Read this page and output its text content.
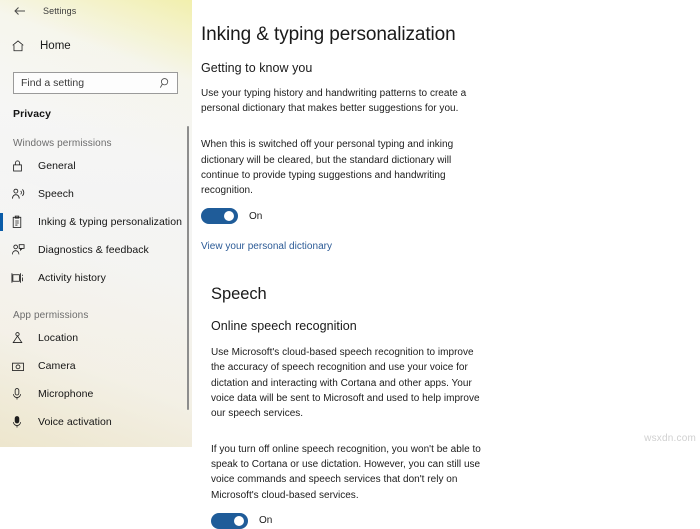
Settings
Home
Find a setting
Privacy
Windows permissions
General
Speech
Inking & typing personalization
Diagnostics & feedback
Activity history
App permissions
Location
Camera
Microphone
Voice activation
Inking & typing personalization
Getting to know you
Use your typing history and handwriting patterns to create a personal dictionary that makes better suggestions for you.
When this is switched off your personal typing and inking dictionary will be cleared, but the standard dictionary will continue to provide typing suggestions and handwriting recognition.
On
View your personal dictionary
Speech
Online speech recognition
Use Microsoft's cloud-based speech recognition to improve the accuracy of speech recognition and use your voice for dictation and interacting with Cortana and other apps. Your voice data will be sent to Microsoft and used to help improve our speech services.
If you turn off online speech recognition, you won't be able to speak to Cortana or use dictation. However, you can still use voice commands and speech services that don't rely on Microsoft's cloud-based services.
On
wsxdn.com
